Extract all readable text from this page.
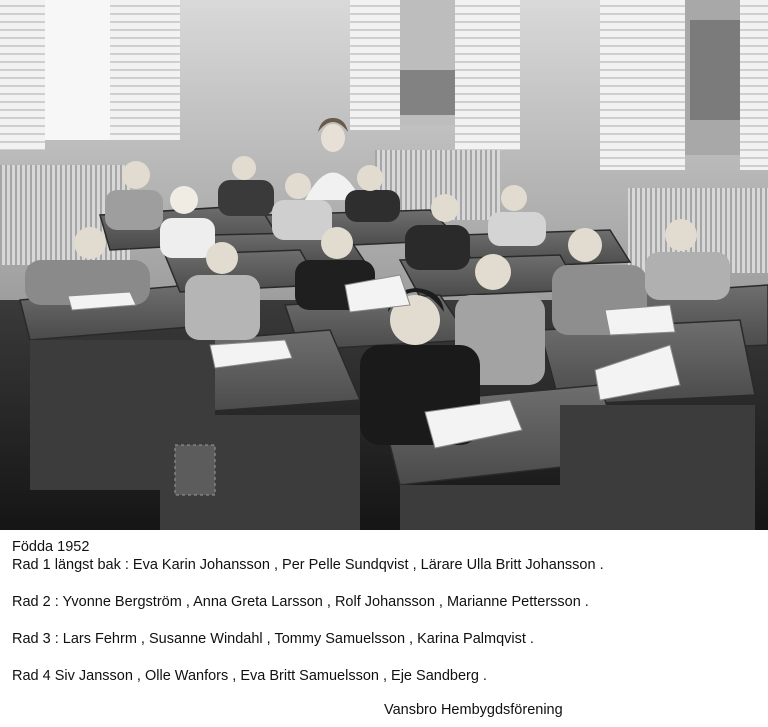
Födda 1952
Rad 1 längst bak : Eva Karin Johansson , Per Pelle Sundqvist , Lärare Ulla Britt Johansson .
Rad 2 : Yvonne Bergström , Anna Greta Larsson , Rolf Johansson , Marianne Pettersson .
Rad 3 : Lars Fehrm , Susanne Windahl , Tommy Samuelsson , Karina Palmqvist .
Rad 4 Siv Jansson , Olle Wanfors , Eva Britt Samuelsson , Eje Sandberg .
Vansbro Hembygdsförening
